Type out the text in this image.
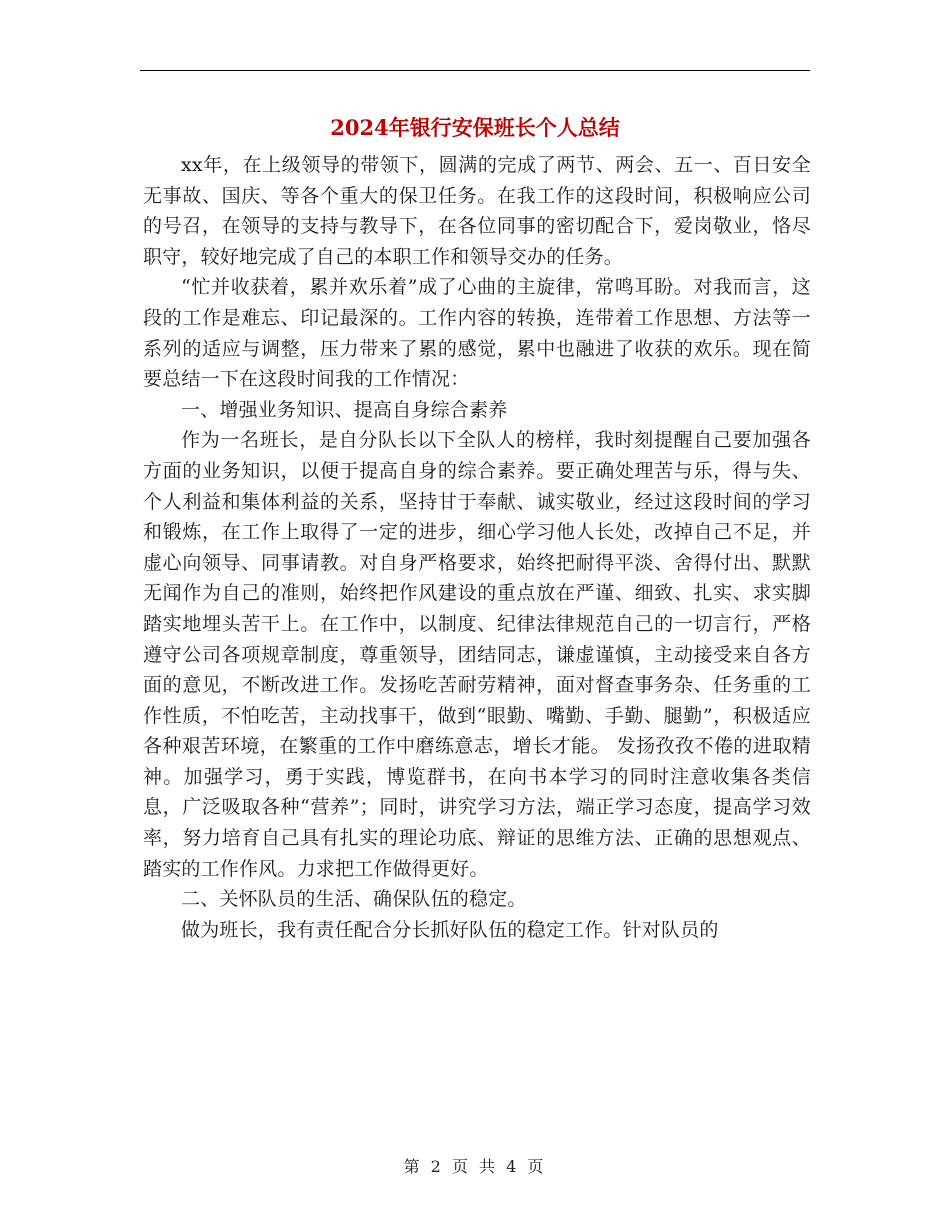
2024年银行安保班长个人总结

xx年，在上级领导的带领下，圆满的完成了两节、两会、五一、百日安全无事故、国庆、等各个重大的保卫任务。在我工作的这段时间，积极响应公司的号召，在领导的支持与教导下，在各位同事的密切配合下，爱岗敬业，恪尽职守，较好地完成了自己的本职工作和领导交办的任务。

“忙并收获着，累并欢乐着”成了心曲的主旋律，常鸣耳盼。对我而言，这段的工作是难忘、印记最深的。工作内容的转换，连带着工作思想、方法等一系列的适应与调整，压力带来了累的感觉，累中也融进了收获的欢乐。现在简要总结一下在这段时间我的工作情况：

一、增强业务知识、提高自身综合素养

作为一名班长，是自分队长以下全队人的榜样，我时刻提醒自己要加强各方面的业务知识，以便于提高自身的综合素养。要正确处理苦与乐，得与失、个人利益和集体利益的关系，坚持甘于奉献、诚实敬业，经过这段时间的学习和锻炼，在工作上取得了一定的进步，细心学习他人长处，改掉自己不足，并虚心向领导、同事请教。对自身严格要求，始终把耐得平淡、舍得付出、默默无闻作为自己的准则，始终把作风建设的重点放在严谨、细致、扎实、求实脚踏实地埋头苦干上。在工作中，以制度、纪律法律规范自己的一切言行，严格遵守公司各项规章制度，尊重领导，团结同志，谦虚谨慎，主动接受来自各方面的意见，不断改进工作。发扬吃苦耐劳精神，面对督查事务杂、任务重的工作性质，不怕吃苦，主动找事干，做到“眼勤、嘴勤、手勤、腿勤”，积极适应各种艰苦环境，在繁重的工作中磨练意志，增长才能。 发扬孜孜不倦的进取精神。加强学习，勇于实践，博览群书，在向书本学习的同时注意收集各类信息，广泛吸取各种“营养”；同时，讲究学习方法，端正学习态度，提高学习效率，努力培育自己具有扎实的理论功底、辩证的思维方法、正确的思想观点、踏实的工作作风。力求把工作做得更好。

二、关怀队员的生活、确保队伍的稳定。

做为班长，我有责任配合分长抓好队伍的稳定工作。针对队员的

第 2 页 共 4 页
